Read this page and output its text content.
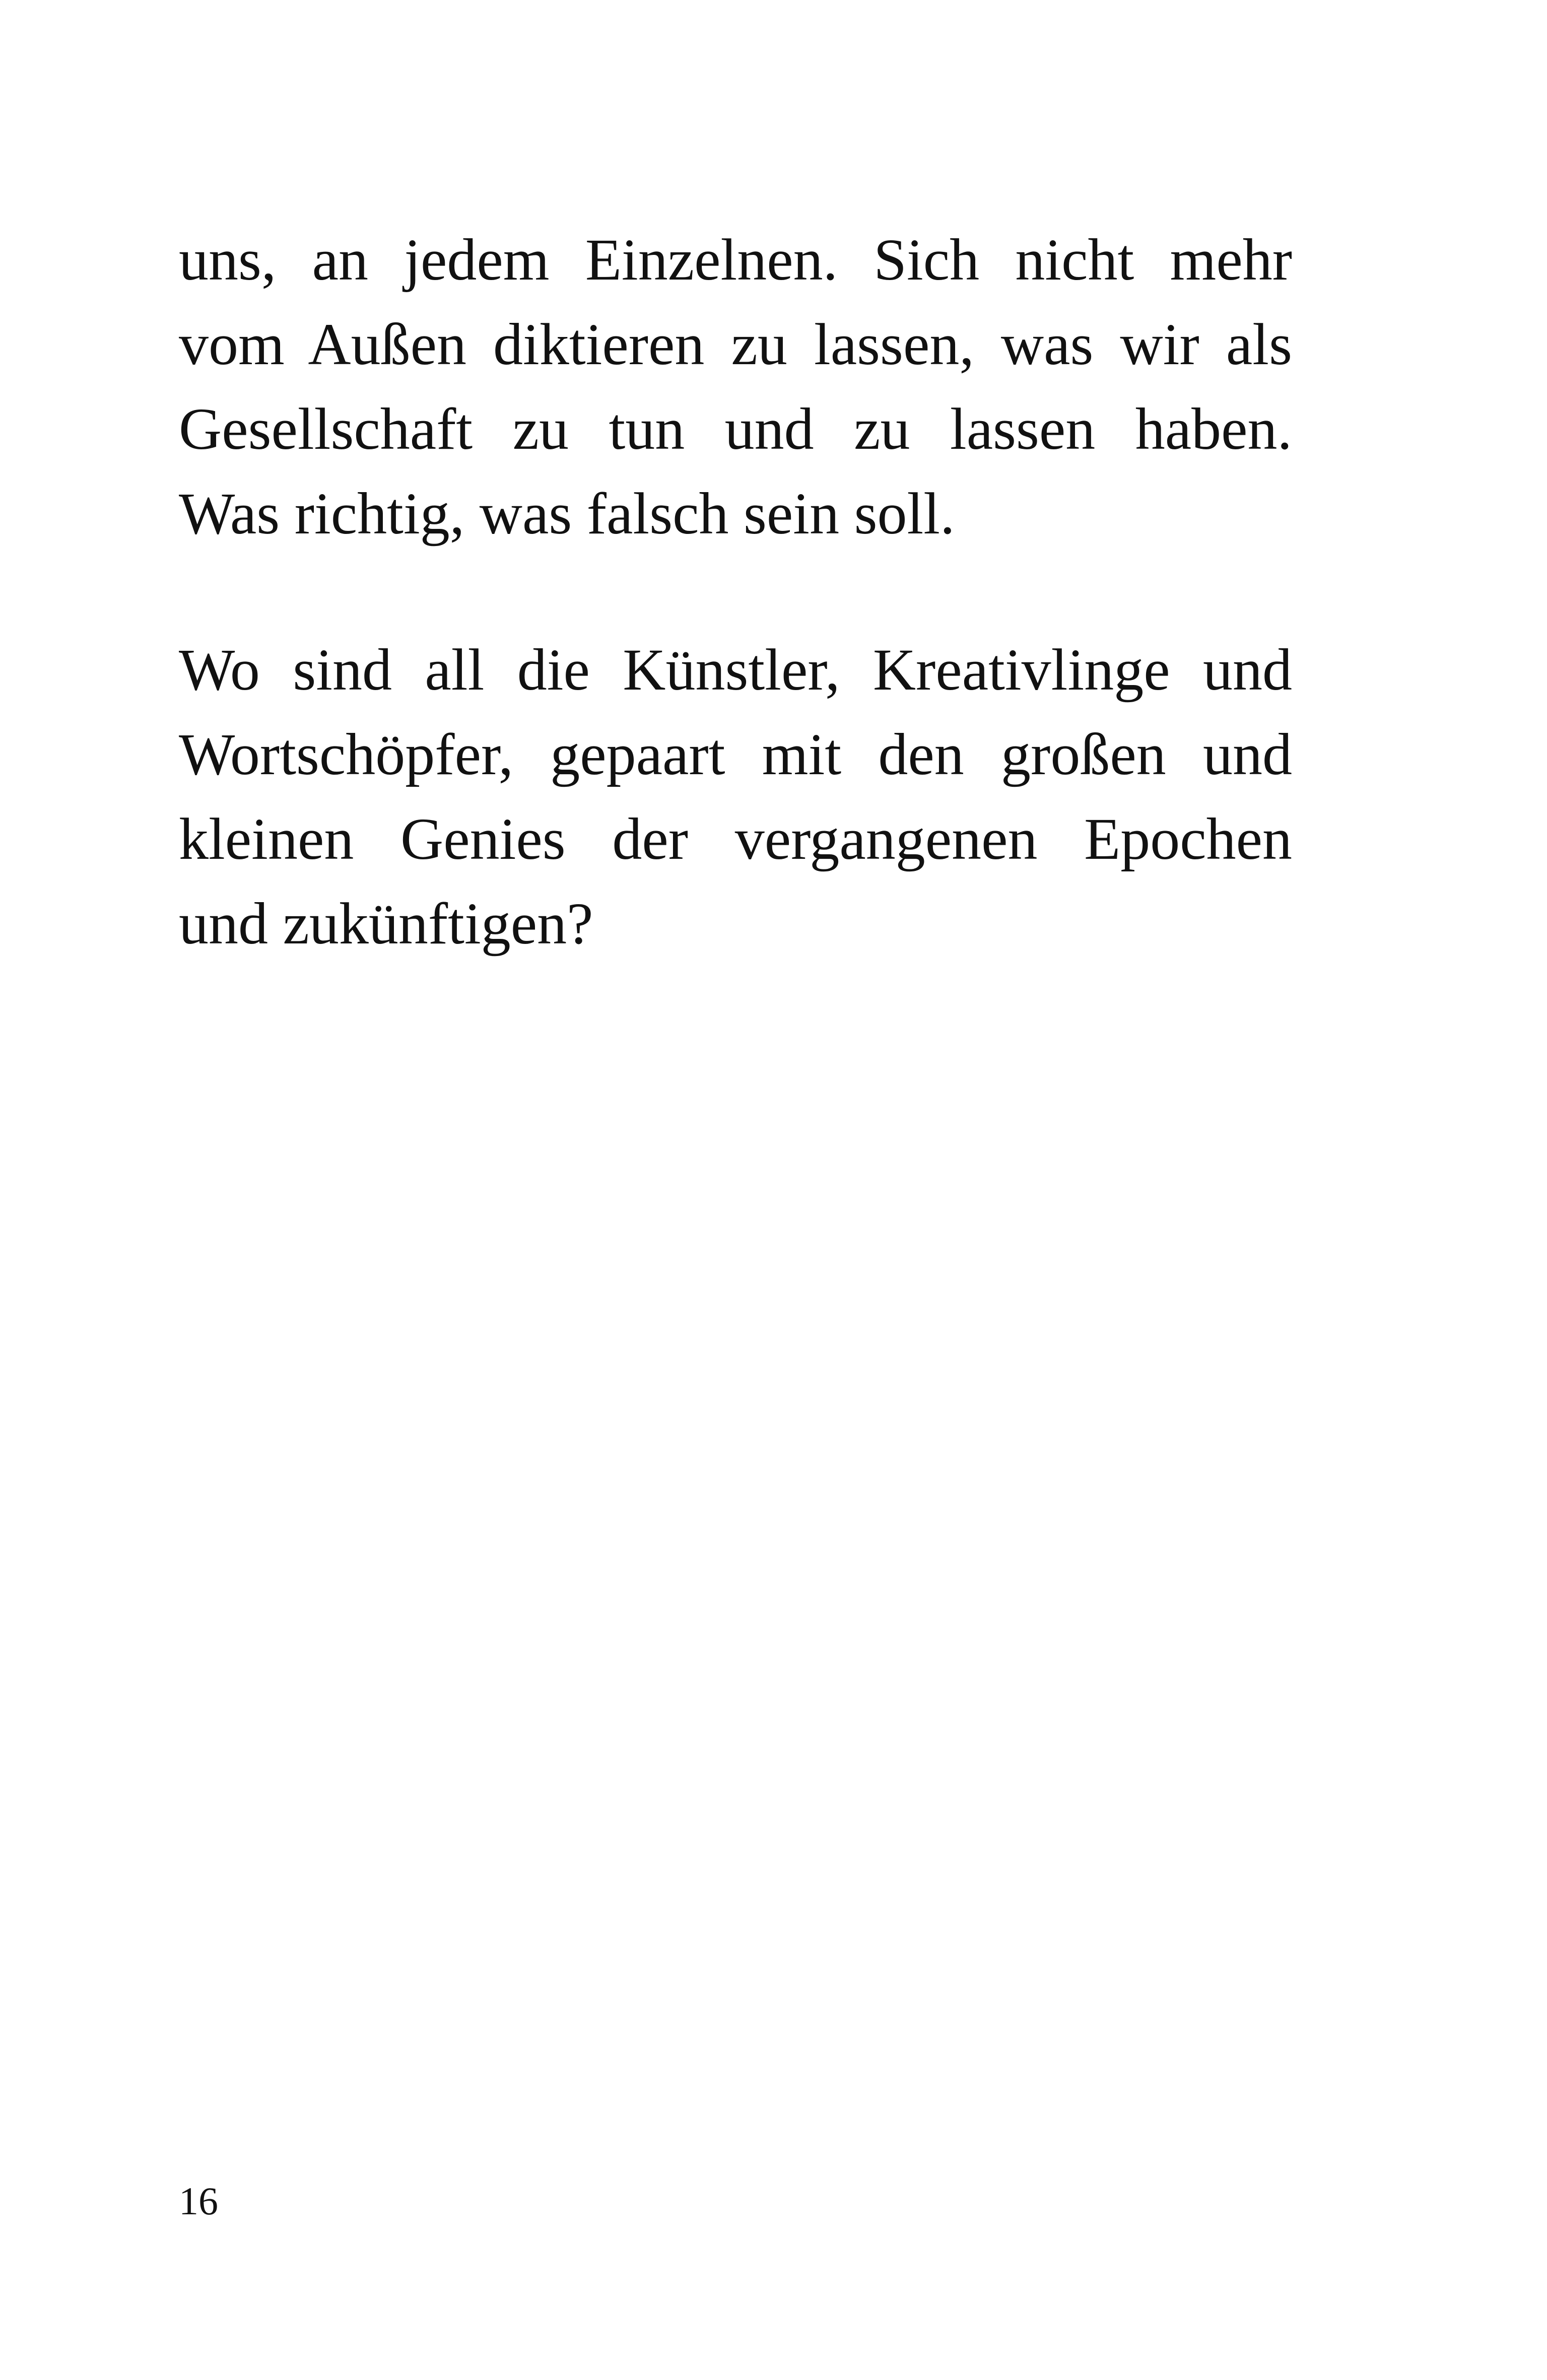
uns, an jedem Einzelnen. Sich nicht mehr
vom Außen diktieren zu lassen, was wir als
Gesellschaft zu tun und zu lassen haben.
Was richtig, was falsch sein soll.
Wo sind all die Künstler, Kreativlinge und
Wortschöpfer, gepaart mit den großen und
kleinen Genies der vergangenen Epochen
und zukünftigen?
16
